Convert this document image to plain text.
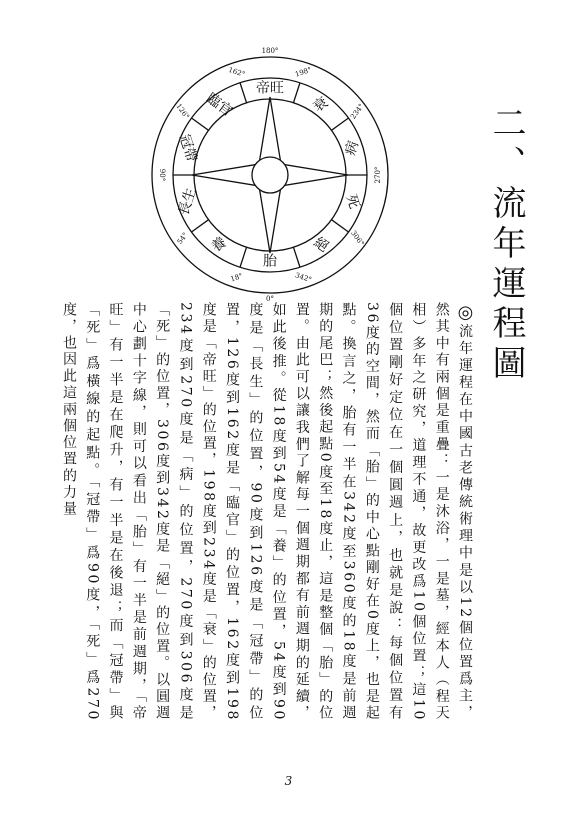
180°
198°
234°
270°
306°
342°
0°
18°
54°
90°
126°
162°
帝旺
衰
病
死
絕
胎
養
長生
冠帶
臨官	二、流年運程圖

◎流年運程在中國古老傳統術理中是以12個位置爲主，然其中有兩個是重疊：一是沐浴，一是墓，經本人（程天相）多年之研究，道理不通，故更改爲10個位置；這10個位置剛好定位在一個圓週上，也就是說：每個位置有36度的空間，然而「胎」的中心點剛好在0度上，也是起點。換言之，胎有一半在342度至360度的18度是前週期的尾巴；然後起點0度至18度止，這是整個「胎」的位置。由此可以讓我們了解每一個週期都有前週期的延續，如此後推。從18度到54度是「養」的位置，54度到90度是「長生」的位置，90度到126度是「冠帶」的位置，126度到162度是「臨官」的位置，162度到198度是「帝旺」的位置，198度到234度是「衰」的位置，234度到270度是「病」的位置，270度到306度是「死」的位置，306度到342度是「絕」的位置。以圓週中心劃十字線，則可以看出「胎」有一半是前週期，「帝旺」有一半是在爬升，有一半是在後退；而「冠帶」與「死」爲橫線的起點。「冠帶」爲90度，「死」爲270度，也因此這兩個位置的力量

3
